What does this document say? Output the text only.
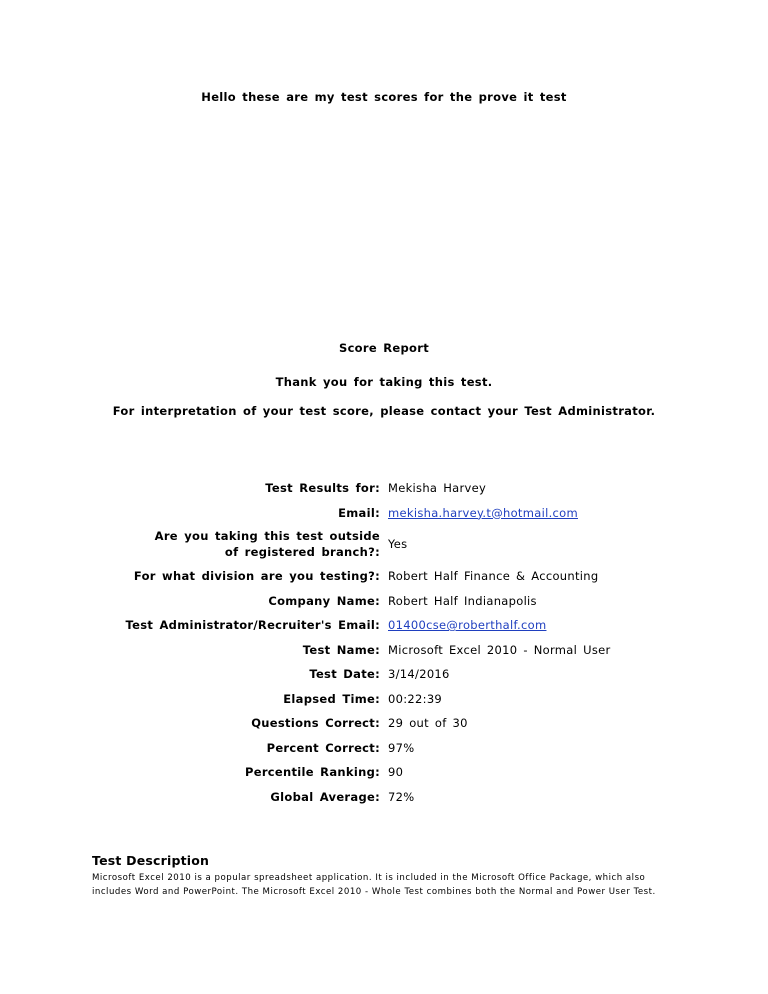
Hello these are my test scores for the prove it test
Score Report
Thank you for taking this test.
For interpretation of your test score, please contact your Test Administrator.
Test Results for: Mekisha Harvey
Email: mekisha.harvey.t@hotmail.com
Are you taking this test outside of registered branch?:
Yes
For what division are you testing?: Robert Half Finance & Accounting
Company Name: Robert Half Indianapolis
Test Administrator/Recruiter's Email: 01400cse@roberthalf.com
Test Name: Microsoft Excel 2010 - Normal User
Test Date: 3/14/2016
Elapsed Time: 00:22:39
Questions Correct: 29 out of 30
Percent Correct: 97%
Percentile Ranking: 90
Global Average: 72%
Test Description
Microsoft Excel 2010 is a popular spreadsheet application. It is included in the Microsoft Office Package, which also includes Word and PowerPoint. The Microsoft Excel 2010 - Whole Test combines both the Normal and Power User Test.
